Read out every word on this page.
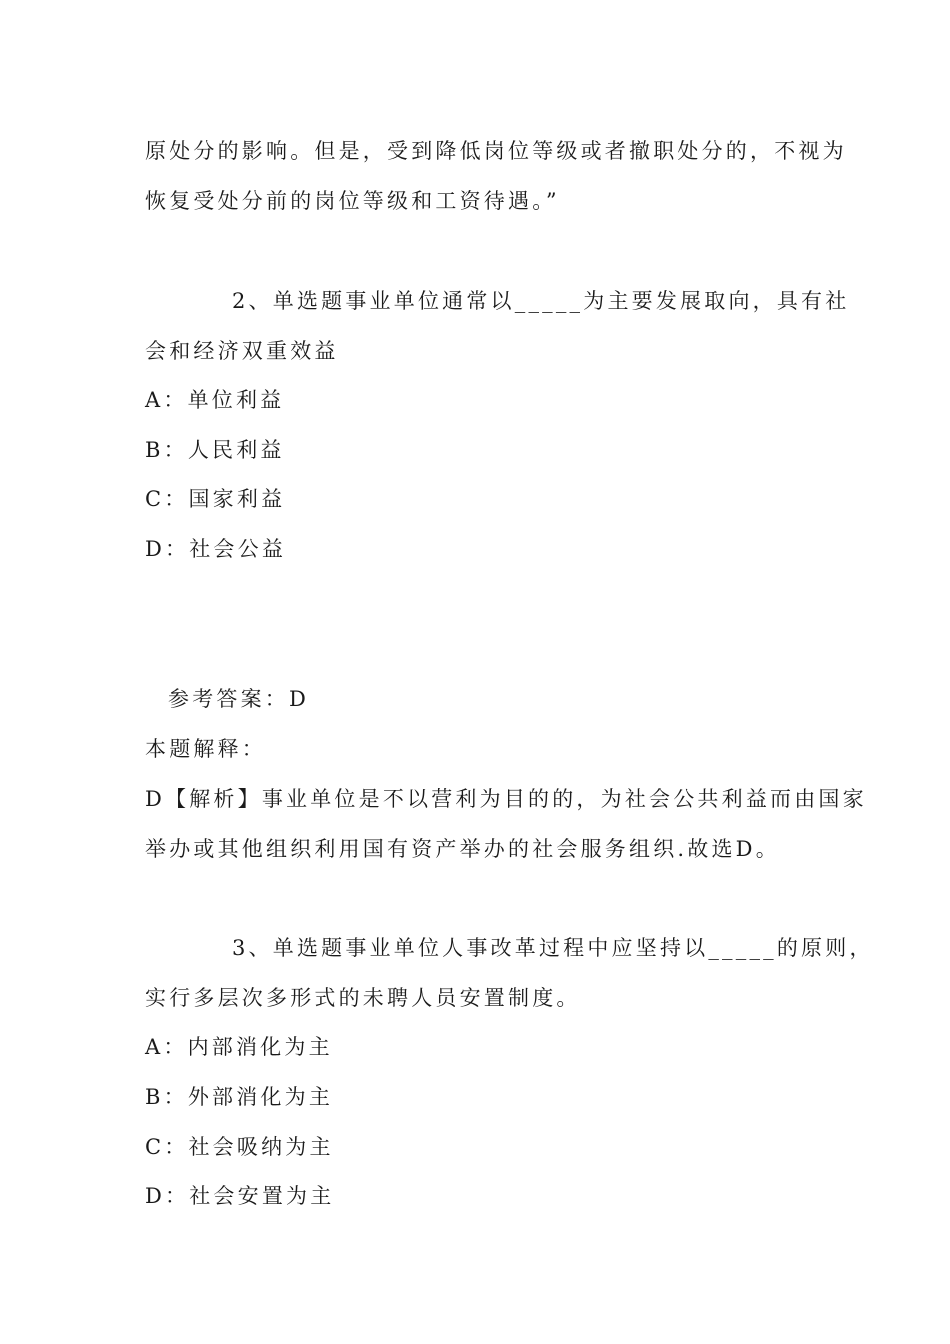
原处分的影响。但是，受到降低岗位等级或者撤职处分的，不视为
恢复受处分前的岗位等级和工资待遇。”
2、单选题事业单位通常以_____为主要发展取向，具有社
会和经济双重效益
A：单位利益
B：人民利益
C：国家利益
D：社会公益
参考答案：D
本题解释：
D【解析】事业单位是不以营利为目的的，为社会公共利益而由国家
举办或其他组织利用国有资产举办的社会服务组织.故选D。
3、单选题事业单位人事改革过程中应坚持以_____的原则，
实行多层次多形式的未聘人员安置制度。
A：内部消化为主
B：外部消化为主
C：社会吸纳为主
D：社会安置为主
